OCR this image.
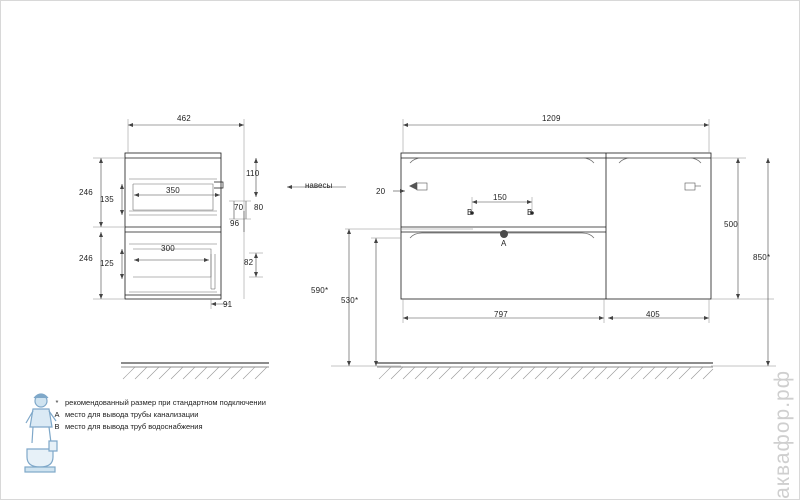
462
246
246
135
125
350
300
110
70 80
96
82
91
навесы
1209
20
150
B	B
A
500
850*
590*
530*
797	405
* рекомендованный размер при стандартном подключении
A место для вывода трубы канализации
B место для вывода труб водоснабжения	аквафор.рф
